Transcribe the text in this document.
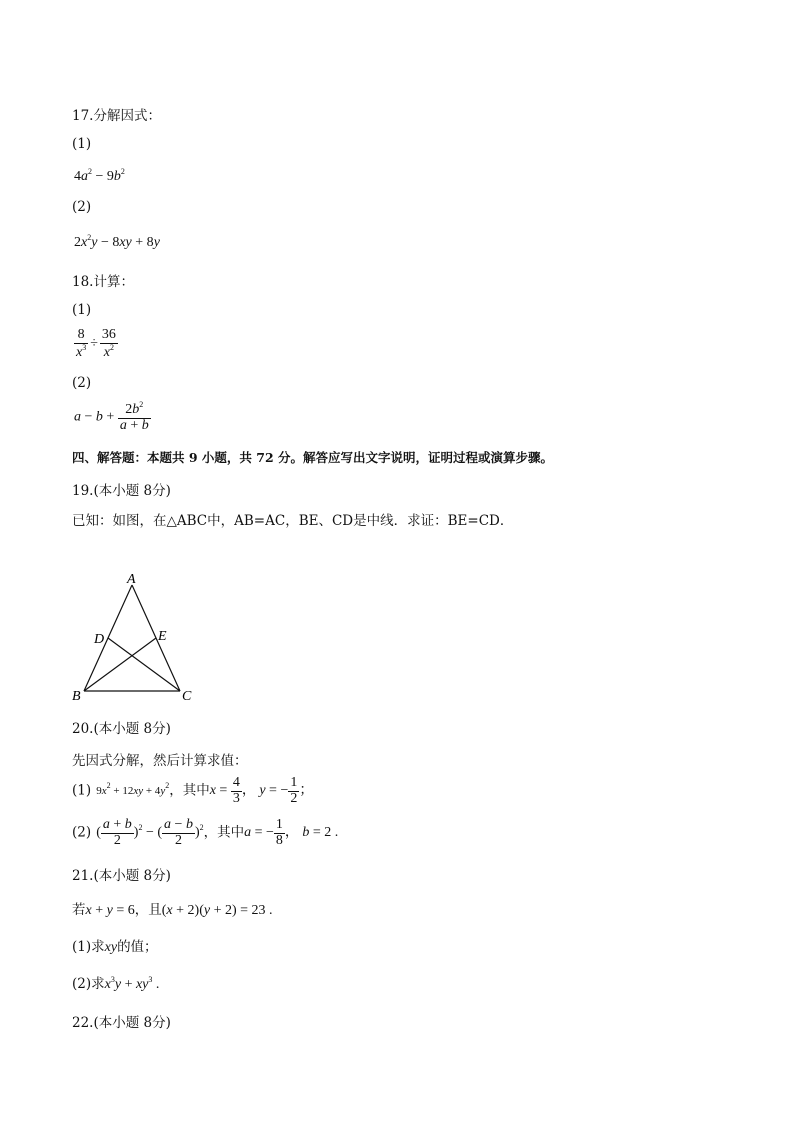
17.分解因式：
(1)
$4a^2 - 9b^2$
(2)
$2x^2y - 8xy + 8y$
18.计算：
(1)
$\frac{8}{x^3} \div \frac{36}{x^2}$
(2)
$a - b + \frac{2b^2}{a + b}$
四、解答题：本题共 9 小题，共 72 分。解答应写出文字说明，证明过程或演算步骤。
19.(本小题 8分)
已知：如图，在△ABC中，AB=AC，BE、CD是中线．求证：BE=CD．
A
D	E
B	C
20.(本小题 8分)
先因式分解，然后计算求值：
(1) $9x^2 + 12xy + 4y^2$，其中$x = \frac{4}{3}$ ， y = − $\frac{1}{2}$ ；
(2) ( $\frac{a + b}{2} )^2$ − ( $\frac{a - b}{2} )^2$，其中a = − $\frac{1}{8}$ ， b = 2 .
21.(本小题 8分)
若x + y = 6，且(x + 2)(y + 2) = 23 .
(1)求xy的值；
(2)求$x^3y + xy^3$ .
22.(本小题 8分)
